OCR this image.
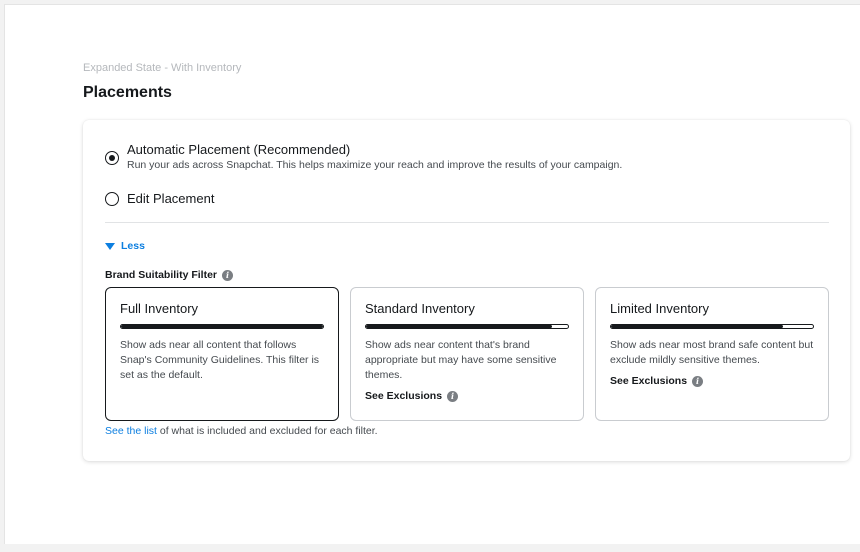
Expanded State - With Inventory
Placements
Automatic Placement (Recommended)
Run your ads across Snapchat. This helps maximize your reach and improve the results of your campaign.
Edit Placement
Less
Brand Suitability Filter	i
Full Inventory
Show ads near all content that follows Snap's Community Guidelines. This filter is set as the default.
Standard Inventory
Show ads near content that's brand appropriate but may have some sensitive themes.
See Exclusions	i
Limited Inventory
Show ads near most brand safe content but exclude mildly sensitive themes.
See Exclusions	i
See the list of what is included and excluded for each filter.
